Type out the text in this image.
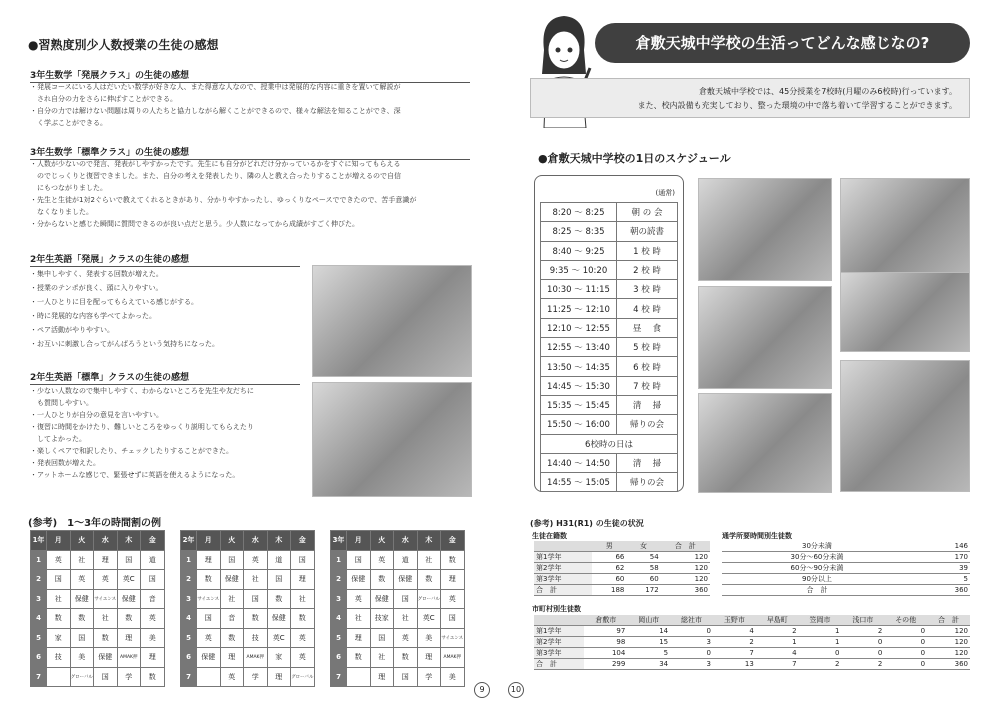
●習熟度別少人数授業の生徒の感想
3年生数学「発展クラス」の生徒の感想
・発展コースにいる人はだいたい数学が好きな人、また得意な人なので、授業中は発展的な内容に重きを置いて解説が
　され自分の力をさらに伸ばすことができる。
・自分の力では解けない問題は周りの人たちと協力しながら解くことができるので、様々な解法を知ることができ、深
　く学ぶことができる。
3年生数学「標準クラス」の生徒の感想
・人数が少ないので発言、発表がしやすかったです。先生にも自分がどれだけ分かっているかをすぐに知ってもらえる
　のでじっくりと復習できました。また、自分の考えを発表したり、隣の人と教え合ったりすることが増えるので自信
　にもつながりました。
・先生と生徒が1対2ぐらいで教えてくれるときがあり、分かりやすかったし、ゆっくりなペースでできたので、苦手意識が
　なくなりました。
・分からないと感じた瞬間に質問できるのが良い点だと思う。少人数になってから成績がすごく伸びた。
2年生英語「発展」クラスの生徒の感想
・集中しやすく、発表する回数が増えた。
・授業のテンポが良く、頭に入りやすい。
・一人ひとりに目を配ってもらえている感じがする。
・時に発展的な内容も学べてよかった。
・ペア活動がやりやすい。
・お互いに刺激し合ってがんばろうという気持ちになった。
2年生英語「標準」クラスの生徒の感想
・少ない人数なので集中しやすく、わからないところを先生や友だちに
　も質問しやすい。
・一人ひとりが自分の意見を言いやすい。
・復習に時間をかけたり、難しいところをゆっくり説明してもらえたり
　してよかった。
・楽しくペアで和訳したり、チェックしたりすることができた。
・発表回数が増えた。
・アットホームな感じで、緊張せずに英語を使えるようになった。
(参考)　1～3年の時間割の例
1年	月	火	水	木	金
1	英	社	理	国	道
2	国	英	英	英C	国
3	社	保健	サイエンス	保健	音
4	数	数	社	数	英
5	家	国	数	理	美
6	技	美	保健	AMAK押	理
7		グローバル	国	学	数
2年	月	火	水	木	金
1	理	国	英	道	国
2	数	保健	社	国	理
3	サイエンス	社	国	数	社
4	国	音	数	保健	数
5	英	数	技	英C	英
6	保健	理	AMAK押	家	英
7		英	学	理	グローバル
3年	月	火	水	木	金
1	国	英	道	社	数
2	保健	数	保健	数	理
3	英	保健	国	グローバル	英
4	社	技家	社	英C	国
5	理	国	英	美	サイエンス
6	数	社	数	理	AMAK押
7		理	国	学	美
9
倉敷天城中学校の生活ってどんな感じなの?
倉敷天城中学校では、45分授業を7校時(月曜のみ6校時)行っています。
また、校内設備も充実しており、整った環境の中で落ち着いて学習することができます。
●倉敷天城中学校の1日のスケジュール
(通常)
8:20 ～ 8:25	朝 の 会
8:25 ～ 8:35	朝の読書
8:40 ～ 9:25	1 校 時
9:35 ～ 10:20	2 校 時
10:30 ～ 11:15	3 校 時
11:25 ～ 12:10	4 校 時
12:10 ～ 12:55	昼　 食
12:55 ～ 13:40	5 校 時
13:50 ～ 14:35	6 校 時
14:45 ～ 15:30	7 校 時
15:35 ～ 15:45	清　 掃
15:50 ～ 16:00	帰りの会
6校時の日は	
14:40 ～ 14:50	清　 掃
14:55 ～ 15:05	帰りの会
(参考) H31(R1) の生徒の状況
生徒在籍数
	男	女	合　計
第1学年	66	54	120
第2学年	62	58	120
第3学年	60	60	120
合　計	188	172	360
通学所要時間別生徒数
30分未満	146
30分～60分未満	170
60分～90分未満	39
90分以上	5
合　計	360
市町村別生徒数
	倉敷市	岡山市	総社市	玉野市	早島町	笠岡市	浅口市	その他	合　計
第1学年	97	14	0	4	2	1	2	0	120
第2学年	98	15	3	2	1	1	0	0	120
第3学年	104	5	0	7	4	0	0	0	120
合　計	299	34	3	13	7	2	2	0	360
10
